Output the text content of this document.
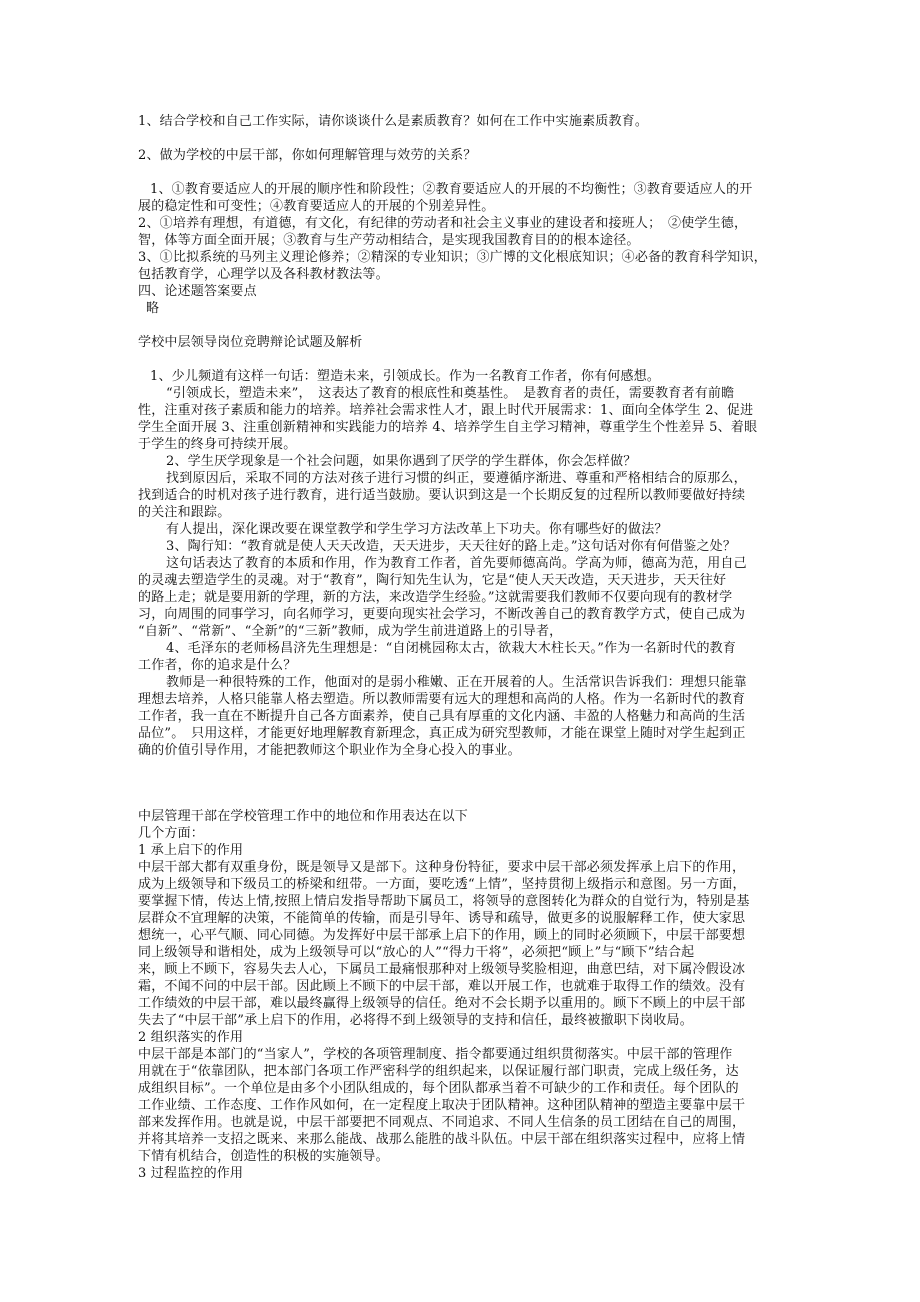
1、结合学校和自己工作实际，请你谈谈什么是素质教育？如何在工作中实施素质教育。
2、做为学校的中层干部，你如何理解管理与效劳的关系？
1、①教育要适应人的开展的顺序性和阶段性；②教育要适应人的开展的不均衡性；③教育要适应人的开
展的稳定性和可变性；④教育要适应人的开展的个别差异性。
2、①培养有理想，有道德，有文化，有纪律的劳动者和社会主义事业的建设者和接班人；　②使学生德，
智，体等方面全面开展；③教育与生产劳动相结合，是实现我国教育目的的根本途径。
3、①比拟系统的马列主义理论修养；②精深的专业知识；③广博的文化根底知识；④必备的教育科学知识，
包括教育学，心理学以及各科教材教法等。
四、论述题答案要点
略
学校中层领导岗位竞聘辩论试题及解析
1、少儿频道有这样一句话：塑造未来，引领成长。作为一名教育工作者，你有何感想。
“引领成长，塑造未来”，　这表达了教育的根底性和奠基性。　是教育者的责任，需要教育者有前瞻
性，注重对孩子素质和能力的培养。培养社会需求性人才，跟上时代开展需求：1、面向全体学生 2、促进
学生全面开展 3、注重创新精神和实践能力的培养 4、培养学生自主学习精神，尊重学生个性差异 5、着眼
于学生的终身可持续开展。
2、学生厌学现象是一个社会问题，如果你遇到了厌学的学生群体，你会怎样做？
找到原因后，采取不同的方法对孩子进行习惯的纠正，要遵循序渐进、尊重和严格相结合的原那么，
找到适合的时机对孩子进行教育，进行适当鼓励。要认识到这是一个长期反复的过程所以教师要做好持续
的关注和跟踪。
有人提出，深化课改要在课堂教学和学生学习方法改革上下功夫。你有哪些好的做法？
3、陶行知：“教育就是使人天天改造，天天进步，天天往好的路上走。”这句话对你有何借鉴之处？
这句话表达了教育的本质和作用，作为教育工作者，首先要师德高尚。学高为师，德高为范，用自己
的灵魂去塑造学生的灵魂。对于“教育”，陶行知先生认为，它是“使人天天改造，天天进步，天天往好
的路上走；就是要用新的学理，新的方法，来改造学生经验。”这就需要我们教师不仅要向现有的教材学
习，向周围的同事学习，向名师学习，更要向现实社会学习，不断改善自己的教育教学方式，使自己成为
“自新”、“常新”、“全新”的“三新”教师，成为学生前进道路上的引导者，
4、毛泽东的老师杨昌济先生理想是：“自闭桃园称太古，欲栽大木柱长天。”作为一名新时代的教育
工作者，你的追求是什么？
教师是一种很特殊的工作，他面对的是弱小稚嫩、正在开展着的人。生活常识告诉我们：理想只能靠
理想去培养，人格只能靠人格去塑造。所以教师需要有远大的理想和高尚的人格。作为一名新时代的教育
工作者，我一直在不断提升自己各方面素养，使自己具有厚重的文化内涵、丰盈的人格魅力和高尚的生活
品位”。　只用这样，才能更好地理解教育新理念，真正成为研究型教师，才能在课堂上随时对学生起到正
确的价值引导作用，才能把教师这个职业作为全身心投入的事业。
中层管理干部在学校管理工作中的地位和作用表达在以下
几个方面：
1 承上启下的作用
中层干部大都有双重身份，既是领导又是部下。这种身份特征，要求中层干部必须发挥承上启下的作用，
成为上级领导和下级员工的桥梁和纽带。一方面，要吃透“上情”，坚持贯彻上级指示和意图。另一方面，
要掌握下情，传达上情,按照上情启发指导帮助下属员工，将领导的意图转化为群众的自觉行为，特别是基
层群众不宜理解的决策，不能简单的传输，而是引导年、诱导和疏导，做更多的说服解释工作，使大家思
想统一，心平气顺、同心同德。为发挥好中层干部承上启下的作用，顾上的同时必须顾下，中层干部要想
同上级领导和谐相处，成为上级领导可以“放心的人”“得力干将”，必须把“顾上”与“顾下”结合起
来，顾上不顾下，容易失去人心，下属员工最痛恨那种对上级领导奖脸相迎，曲意巴结，对下属冷假设冰
霜，不闻不问的中层干部。因此顾上不顾下的中层干部，难以开展工作，也就难于取得工作的绩效。没有
工作绩效的中层干部，难以最终赢得上级领导的信任。绝对不会长期予以重用的。顾下不顾上的中层干部
失去了“中层干部”承上启下的作用，必将得不到上级领导的支持和信任，最终被撤职下岗收局。
2 组织落实的作用
中层干部是本部门的“当家人”，学校的各项管理制度、指令都要通过组织贯彻落实。中层干部的管理作
用就在于“依靠团队，把本部门各项工作严密科学的组织起来，以保证履行部门职责，完成上级任务，达
成组织目标”。一个单位是由多个小团队组成的，每个团队都承当着不可缺少的工作和责任。每个团队的
工作业绩、工作态度、工作作风如何，在一定程度上取决于团队精神。这种团队精神的塑造主要靠中层干
部来发挥作用。也就是说，中层干部要把不同观点、不同追求、不同人生信条的员工团结在自己的周围，
并将其培养一支招之既来、来那么能战、战那么能胜的战斗队伍。中层干部在组织落实过程中，应将上情
下情有机结合，创造性的积极的实施领导。
3 过程监控的作用
